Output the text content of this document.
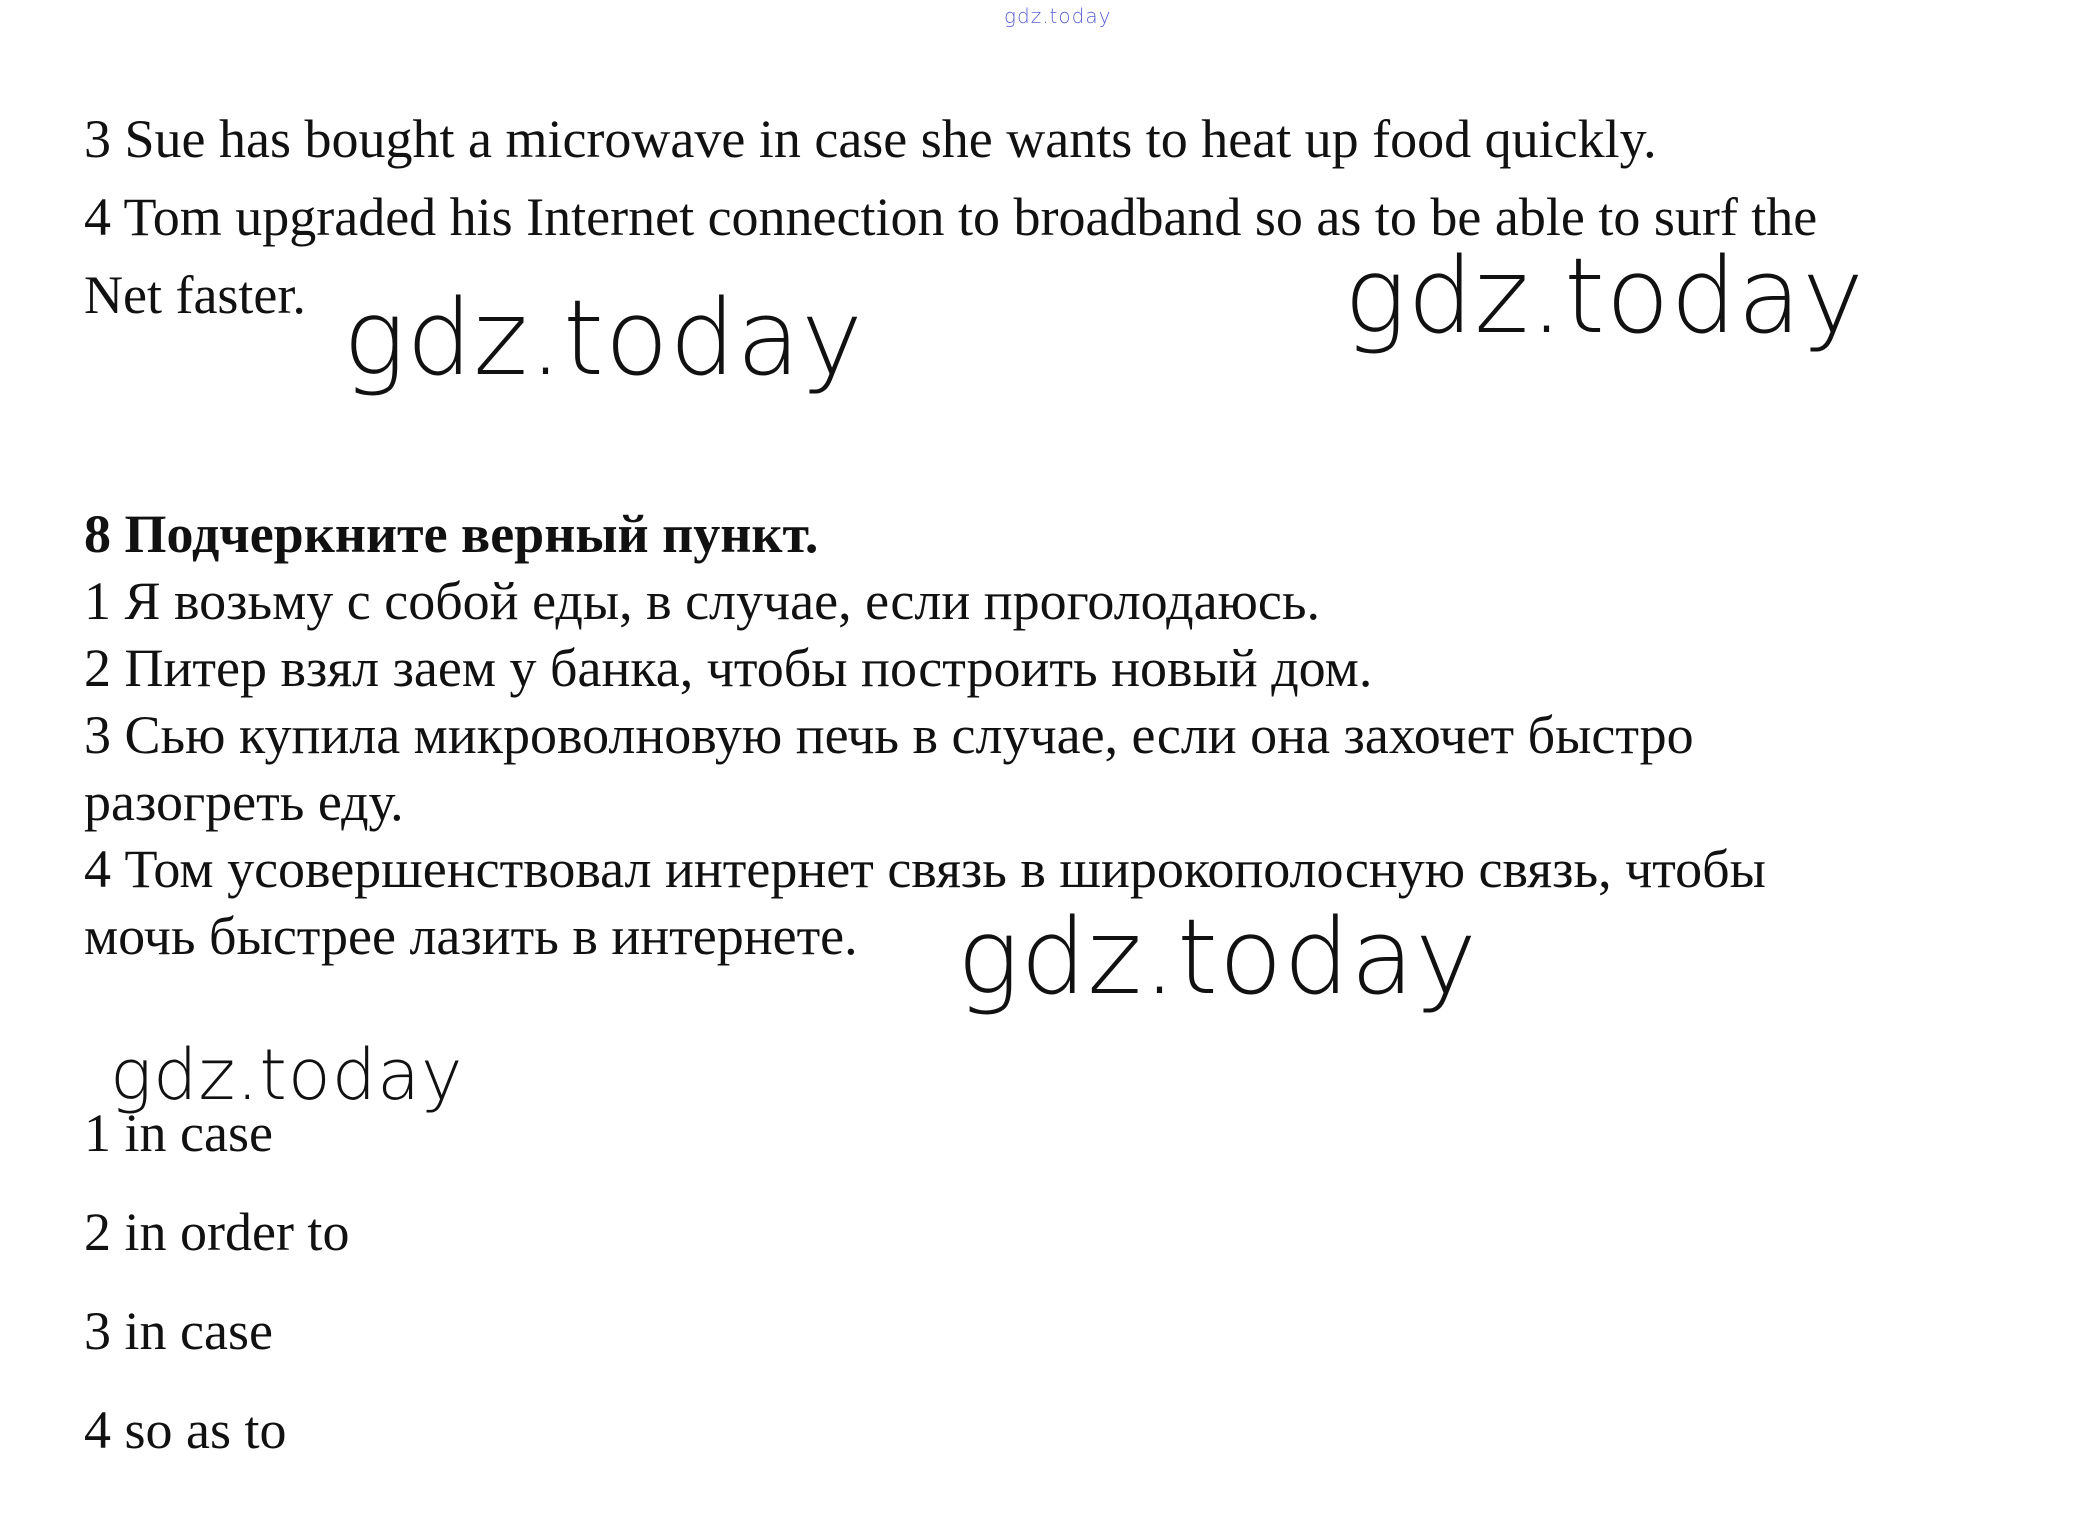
gdz.today
gdz.today	gdz.today
gdz.today
gdz.today
3 Sue has bought a microwave in case she wants to heat up food quickly.
4 Tom upgraded his Internet connection to broadband so as to be able to surf the
Net faster.
8 Подчеркните верный пункт.
1 Я возьму с собой еды, в случае, если проголодаюсь.
2 Питер взял заем у банка, чтобы построить новый дом.
3 Сью купила микроволновую печь в случае, если она захочет быстро
разогреть еду.
4 Том усовершенствовал интернет связь в широкополосную связь, чтобы
мочь быстрее лазить в интернете.
1 in case
2 in order to
3 in case
4 so as to
